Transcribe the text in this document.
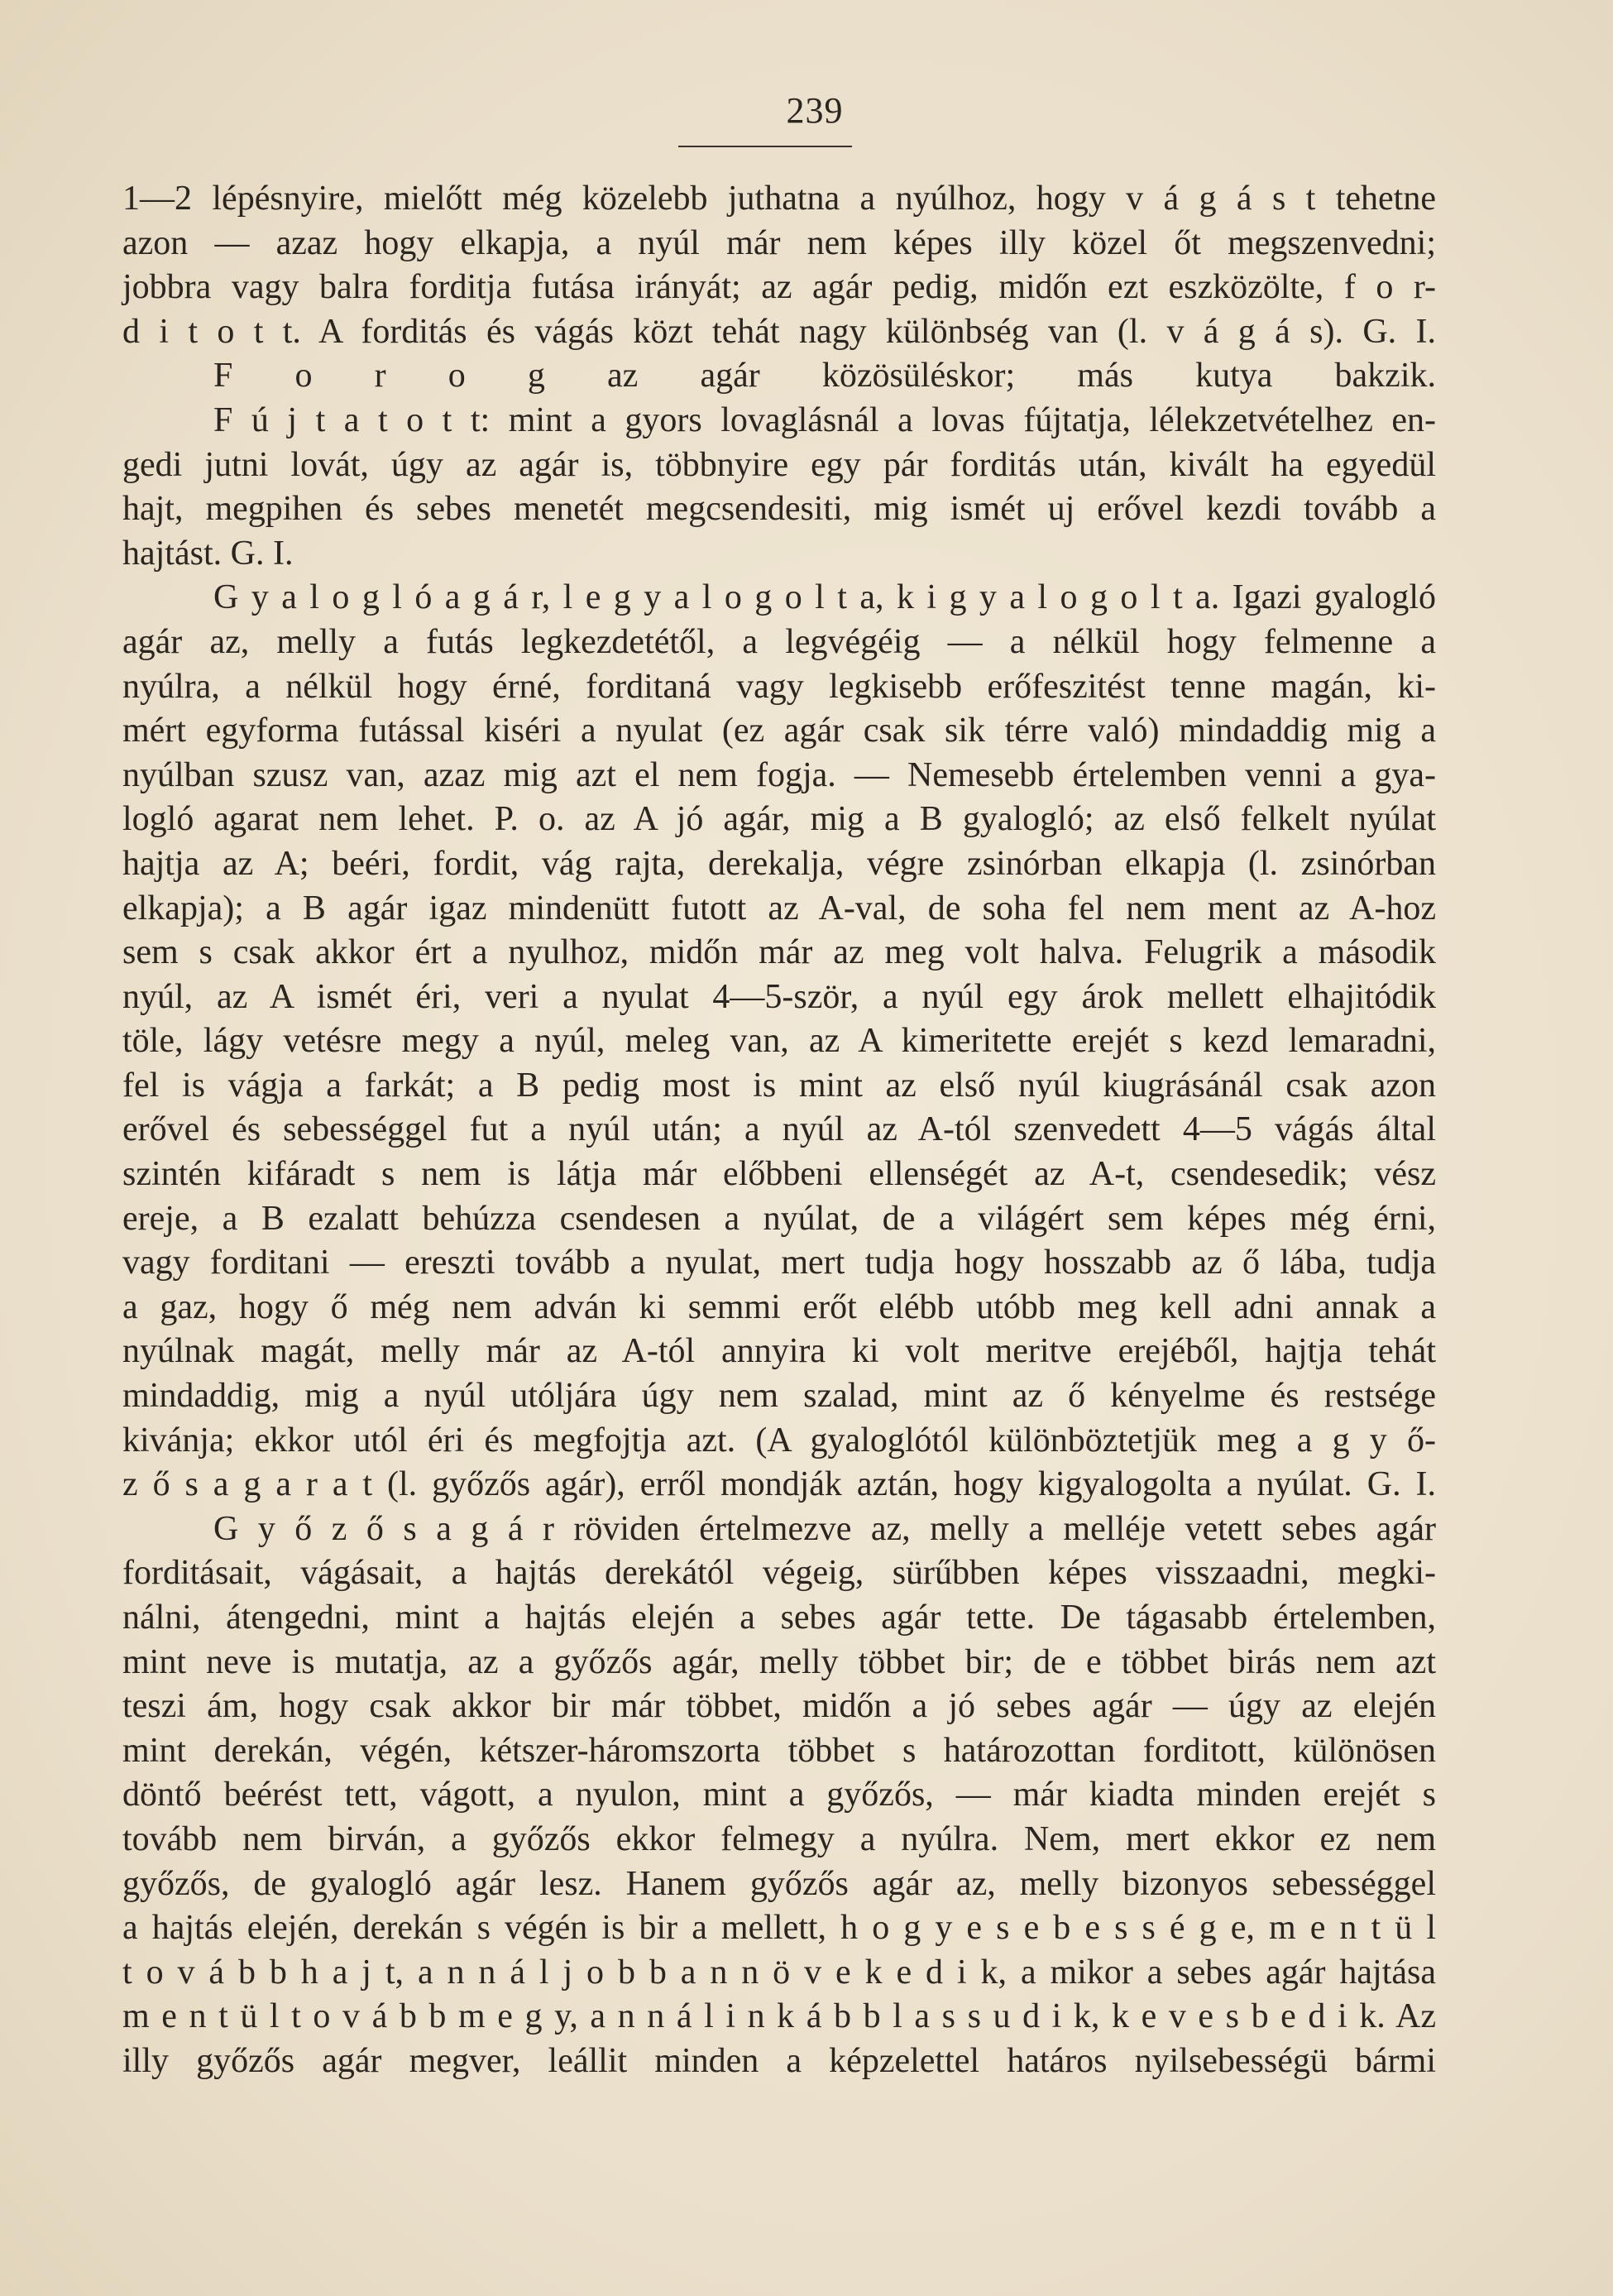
239
1—2 lépésnyire, mielőtt még közelebb juthatna a nyúlhoz, hogy v á g á s t tehetne
azon — azaz hogy elkapja, a nyúl már nem képes illy közel őt megszenvedni;
jobbra vagy balra forditja futása irányát; az agár pedig, midőn ezt eszközölte, f o r-
d i t o t t. A forditás és vágás közt tehát nagy különbség van (l. v á g á s). G. I.
F o r o g az agár közösüléskor; más kutya bakzik.
F ú j t a t o t t: mint a gyors lovaglásnál a lovas fújtatja, lélekzetvételhez en-
gedi jutni lovát, úgy az agár is, többnyire egy pár forditás után, kivált ha egyedül
hajt, megpihen és sebes menetét megcsendesiti, mig ismét uj erővel kezdi tovább a
hajtást. G. I.
G y a l o g l ó a g á r, l e g y a l o g o l t a, k i g y a l o g o l t a. Igazi gyalogló
agár az, melly a futás legkezdetétől, a legvégéig — a nélkül hogy felmenne a
nyúlra, a nélkül hogy érné, forditaná vagy legkisebb erőfeszitést tenne magán, ki-
mért egyforma futással kiséri a nyulat (ez agár csak sik térre való) mindaddig mig a
nyúlban szusz van, azaz mig azt el nem fogja. — Nemesebb értelemben venni a gya-
logló agarat nem lehet. P. o. az A jó agár, mig a B gyalogló; az első felkelt nyúlat
hajtja az A; beéri, fordit, vág rajta, derekalja, végre zsinórban elkapja (l. zsinórban
elkapja); a B agár igaz mindenütt futott az A-val, de soha fel nem ment az A-hoz
sem s csak akkor ért a nyulhoz, midőn már az meg volt halva. Felugrik a második
nyúl, az A ismét éri, veri a nyulat 4—5-ször, a nyúl egy árok mellett elhajitódik
töle, lágy vetésre megy a nyúl, meleg van, az A kimeritette erejét s kezd lemaradni,
fel is vágja a farkát; a B pedig most is mint az első nyúl kiugrásánál csak azon
erővel és sebességgel fut a nyúl után; a nyúl az A-tól szenvedett 4—5 vágás által
szintén kifáradt s nem is látja már előbbeni ellenségét az A-t, csendesedik; vész
ereje, a B ezalatt behúzza csendesen a nyúlat, de a világért sem képes még érni,
vagy forditani — ereszti tovább a nyulat, mert tudja hogy hosszabb az ő lába, tudja
a gaz, hogy ő még nem adván ki semmi erőt elébb utóbb meg kell adni annak a
nyúlnak magát, melly már az A-tól annyira ki volt meritve erejéből, hajtja tehát
mindaddig, mig a nyúl utóljára úgy nem szalad, mint az ő kényelme és restsége
kivánja; ekkor utól éri és megfojtja azt. (A gyaloglótól különböztetjük meg a g y ő-
z ő s a g a r a t (l. győzős agár), erről mondják aztán, hogy kigyalogolta a nyúlat. G. I.
G y ő z ő s a g á r röviden értelmezve az, melly a melléje vetett sebes agár
forditásait, vágásait, a hajtás derekától végeig, sürűbben képes visszaadni, megki-
nálni, átengedni, mint a hajtás elején a sebes agár tette. De tágasabb értelemben,
mint neve is mutatja, az a győzős agár, melly többet bir; de e többet birás nem azt
teszi ám, hogy csak akkor bir már többet, midőn a jó sebes agár — úgy az elején
mint derekán, végén, kétszer-háromszorta többet s határozottan forditott, különösen
döntő beérést tett, vágott, a nyulon, mint a győzős, — már kiadta minden erejét s
tovább nem birván, a győzős ekkor felmegy a nyúlra. Nem, mert ekkor ez nem
győzős, de gyalogló agár lesz. Hanem győzős agár az, melly bizonyos sebességgel
a hajtás elején, derekán s végén is bir a mellett, h o g y e s e b e s s é g e, m e n t ü l
t o v á b b h a j t, a n n á l j o b b a n n ö v e k e d i k, a mikor a sebes agár hajtása
m e n t ü l t o v á b b m e g y, a n n á l i n k á b b l a s s u d i k, k e v e s b e d i k. Az
illy győzős agár megver, leállit minden a képzelettel határos nyilsebességü bármi
